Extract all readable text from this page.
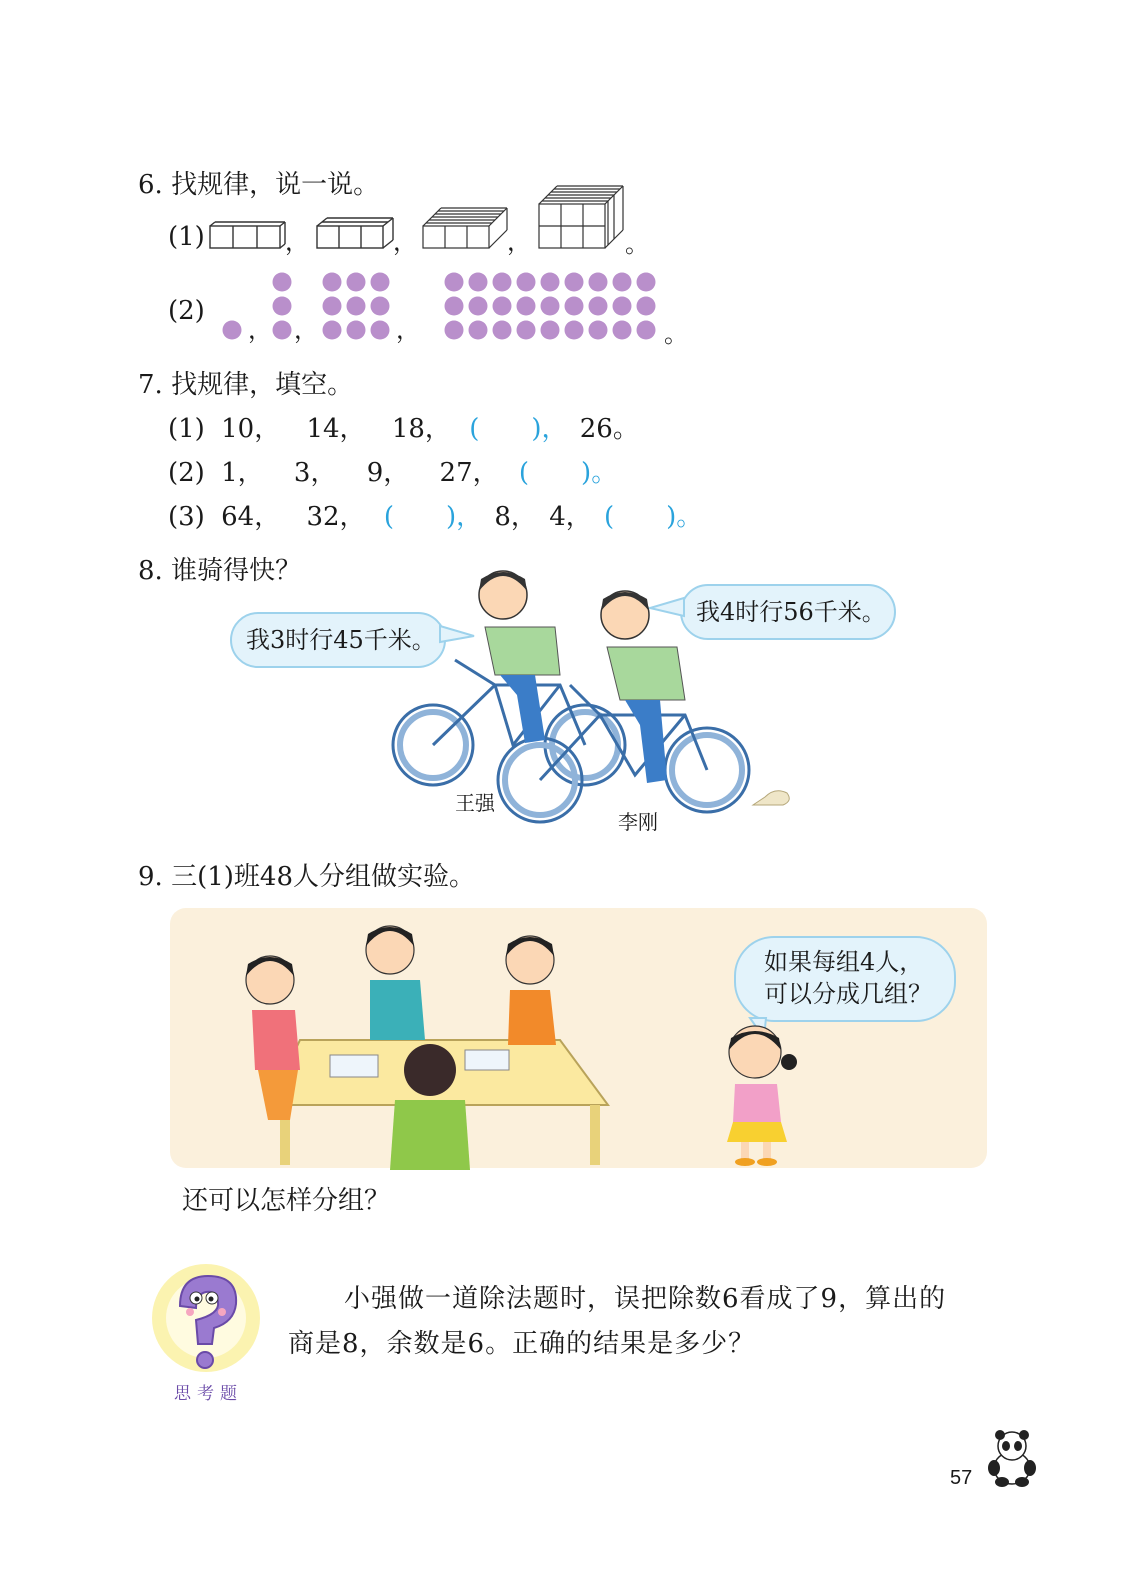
6. 找规律，说一说。
(1)	，	，	，	。
(2)
， ，	，	。
7. 找规律，填空。
(1) 10， 14， 18， (　　)， 26。
(2) 1， 3， 9， 27， (　　)。
(3) 64， 32， (　　)， 8， 4， (　　)。
8. 谁骑得快？
我3时行45千米。
我4时行56千米。
王强
李刚
9. 三(1)班48人分组做实验。
如果每组4人，
可以分成几组？
还可以怎样分组？
思考题
小强做一道除法题时，误把除数6看成了9，算出的
商是8，余数是6。正确的结果是多少？
57
